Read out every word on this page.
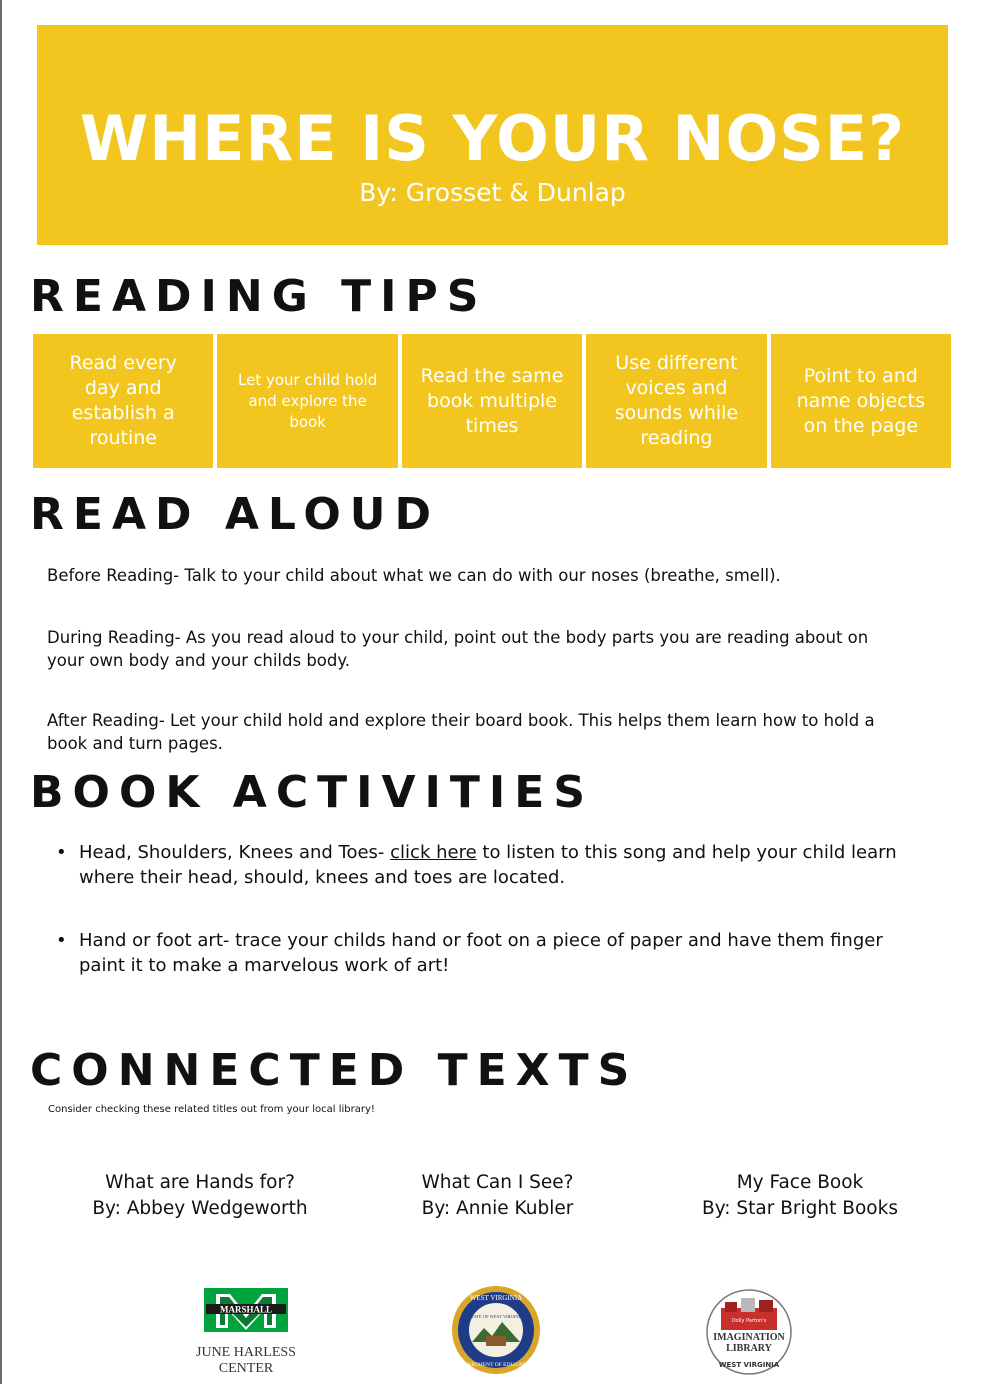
WHERE IS YOUR NOSE?
By: Grosset & Dunlap
READING TIPS
Read every day and establish a routine
Let your child hold and explore the book
Read the same book multiple times
Use different voices and sounds while reading
Point to and name objects on the page
READ ALOUD
Before Reading- Talk to your child about what we can do with our noses (breathe, smell).
During Reading- As you read aloud to your child, point out the body parts you are reading about on your own body and your childs body.
After Reading- Let your child hold and explore their board book. This helps them learn how to hold a book and turn pages.
BOOK ACTIVITIES
• Head, Shoulders, Knees and Toes- click here to listen to this song and help your child learn where their head, should, knees and toes are located.
• Hand or foot art- trace your childs hand or foot on a piece of paper and have them finger paint it to make a marvelous work of art!
CONNECTED TEXTS
Consider checking these related titles out from your local library!
What are Hands for?
By: Abbey Wedgeworth
What Can I See?
By: Annie Kubler
My Face Book
By: Star Bright Books
MARSHALL
JUNE HARLESS
CENTER
WEST VIRGINIA
DEPARTMENT OF EDUCATION
STATE OF WEST VIRGINIA
Dolly Parton's
IMAGINATION
LIBRARY
WEST VIRGINIA
